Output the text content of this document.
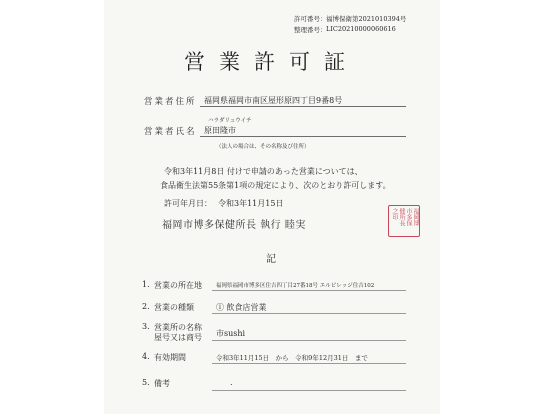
許可番号： 福博保衛第2021010394号
整理番号： LIC20210000060616
営業許可証
営業者住所 福岡県福岡市南区屋形原四丁目9番8号
ハラダリュウイチ
営業者氏名 原田隆市
（法人の場合は、その名称及び住所）
令和3年11月8日 付けで申請のあった営業については、
食品衛生法第55条第1項の規定により、次のとおり許可します。
許可年月日： 令和3年11月15日
福岡市博多保健所長 執行 睦実	福岡博
市多保
健所長
之印
記
1. 営業の所在地	福岡県福岡市博多区住吉四丁目27番18号 エルビレッジ住吉102
2. 営業の種類	① 飲食店営業
3. 営業所の名称
屋号又は商号 市sushi
4. 有効期間	令和3年11月15日　から　令和9年12月31日　まで
5. 備考	.
